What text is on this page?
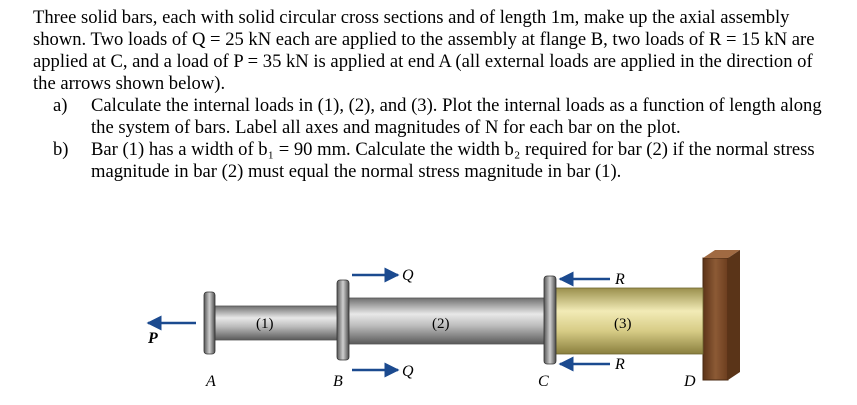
Three solid bars, each with solid circular cross sections and of length 1m, make up the axial assembly shown. Two loads of Q = 25 kN each are applied to the assembly at flange B, two loads of R = 15 kN are applied at C, and a load of P = 35 kN is applied at end A (all external loads are applied in the direction of the arrows shown below).

a)	Calculate the internal loads in (1), (2), and (3). Plot the internal loads as a function of length along the system of bars. Label all axes and magnitudes of N for each bar on the plot.
b)	Bar (1) has a width of b₁ = 90 mm. Calculate the width b₂ required for bar (2) if the normal stress magnitude in bar (2) must equal the normal stress magnitude in bar (1).
P
Q
Q
R
R
A	B	C	D
(1)	(2)	(3)
